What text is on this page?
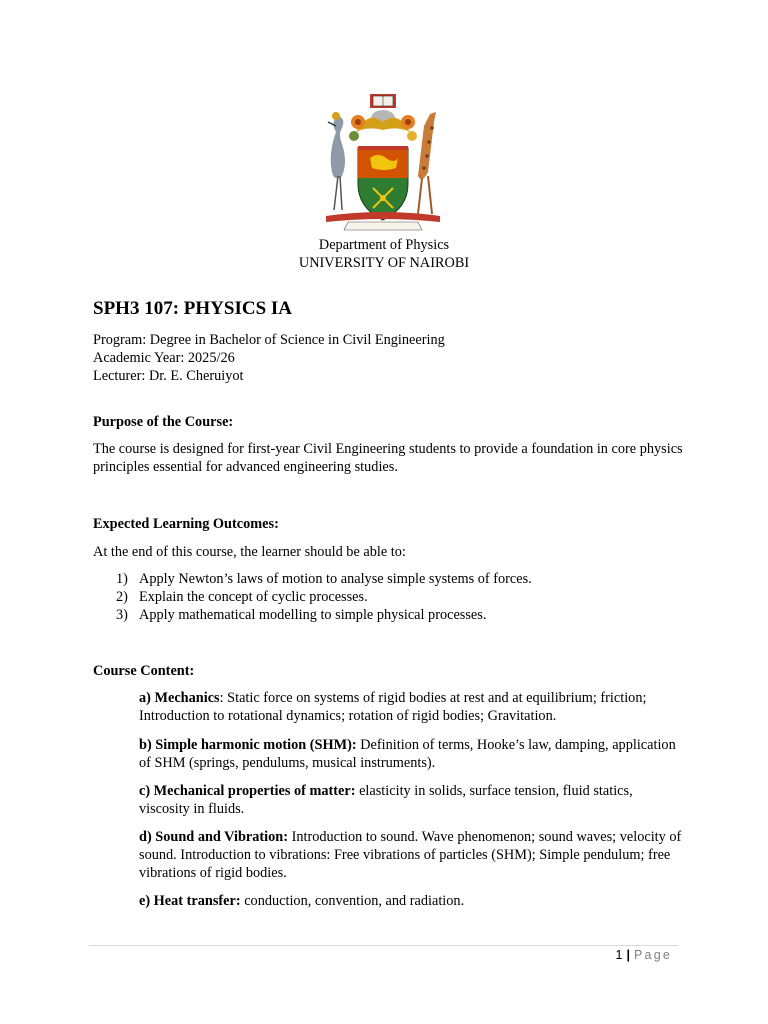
Department of Physics
UNIVERSITY OF NAIROBI
SPH3 107: PHYSICS IA
Program: Degree in Bachelor of Science in Civil Engineering
Academic Year: 2025/26
Lecturer: Dr. E. Cheruiyot
Purpose of the Course:
The course is designed for first-year Civil Engineering students to provide a foundation in core physics principles essential for advanced engineering studies.
Expected Learning Outcomes:
At the end of this course, the learner should be able to:
1) Apply Newton’s laws of motion to analyse simple systems of forces.
2) Explain the concept of cyclic processes.
3) Apply mathematical modelling to simple physical processes.
Course Content:
a) Mechanics: Static force on systems of rigid bodies at rest and at equilibrium; friction; Introduction to rotational dynamics; rotation of rigid bodies; Gravitation.
b) Simple harmonic motion (SHM): Definition of terms, Hooke’s law, damping, application of SHM (springs, pendulums, musical instruments).
c) Mechanical properties of matter: elasticity in solids, surface tension, fluid statics, viscosity in fluids.
d) Sound and Vibration: Introduction to sound. Wave phenomenon; sound waves; velocity of sound. Introduction to vibrations: Free vibrations of particles (SHM); Simple pendulum; free vibrations of rigid bodies.
e) Heat transfer: conduction, convention, and radiation.
1 | Page
